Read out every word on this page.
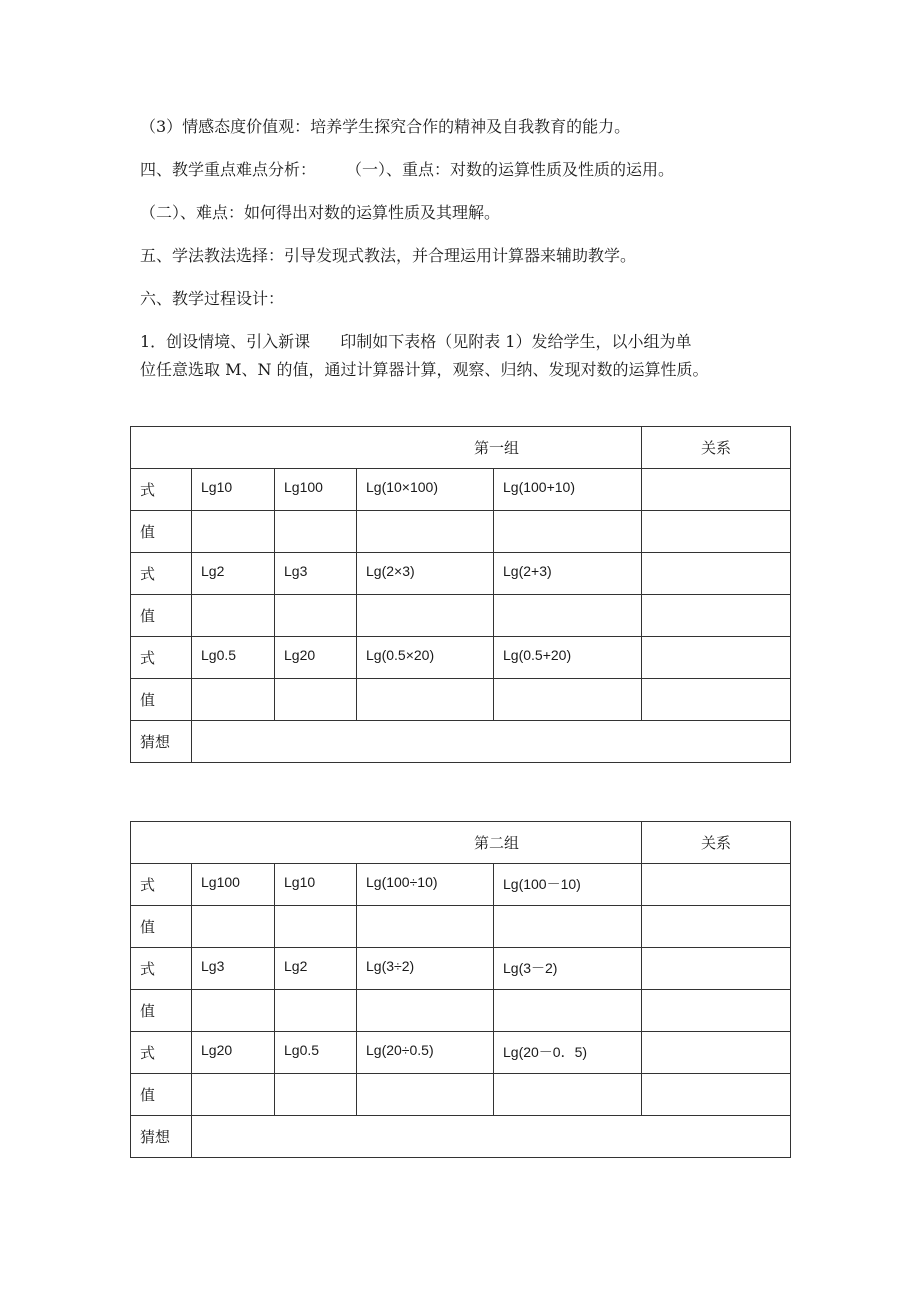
（3）情感态度价值观：培养学生探究合作的精神及自我教育的能力。
四、教学重点难点分析： （一）、重点：对数的运算性质及性质的运用。
（二）、难点：如何得出对数的运算性质及其理解。
五、学法教法选择：引导发现式教法，并合理运用计算器来辅助教学。
六、教学过程设计：
1．创设情境、引入新课 印制如下表格（见附表 1）发给学生，以小组为单
位任意选取 M、N 的值，通过计算器计算，观察、归纳、发现对数的运算性质。
第一组					关系
式	Lg10	Lg100	Lg(10×100)	Lg(100+10)	
值					
式	Lg2	Lg3	Lg(2×3)	Lg(2+3)	
值					
式	Lg0.5	Lg20	Lg(0.5×20)	Lg(0.5+20)	
值					
猜想					
第二组					关系
式	Lg100	Lg10	Lg(100÷10)	Lg(100－10)	
值					
式	Lg3	Lg2	Lg(3÷2)	Lg(3－2)	
值					
式	Lg20	Lg0.5	Lg(20÷0.5)	Lg(20－0．5)	
值					
猜想					
